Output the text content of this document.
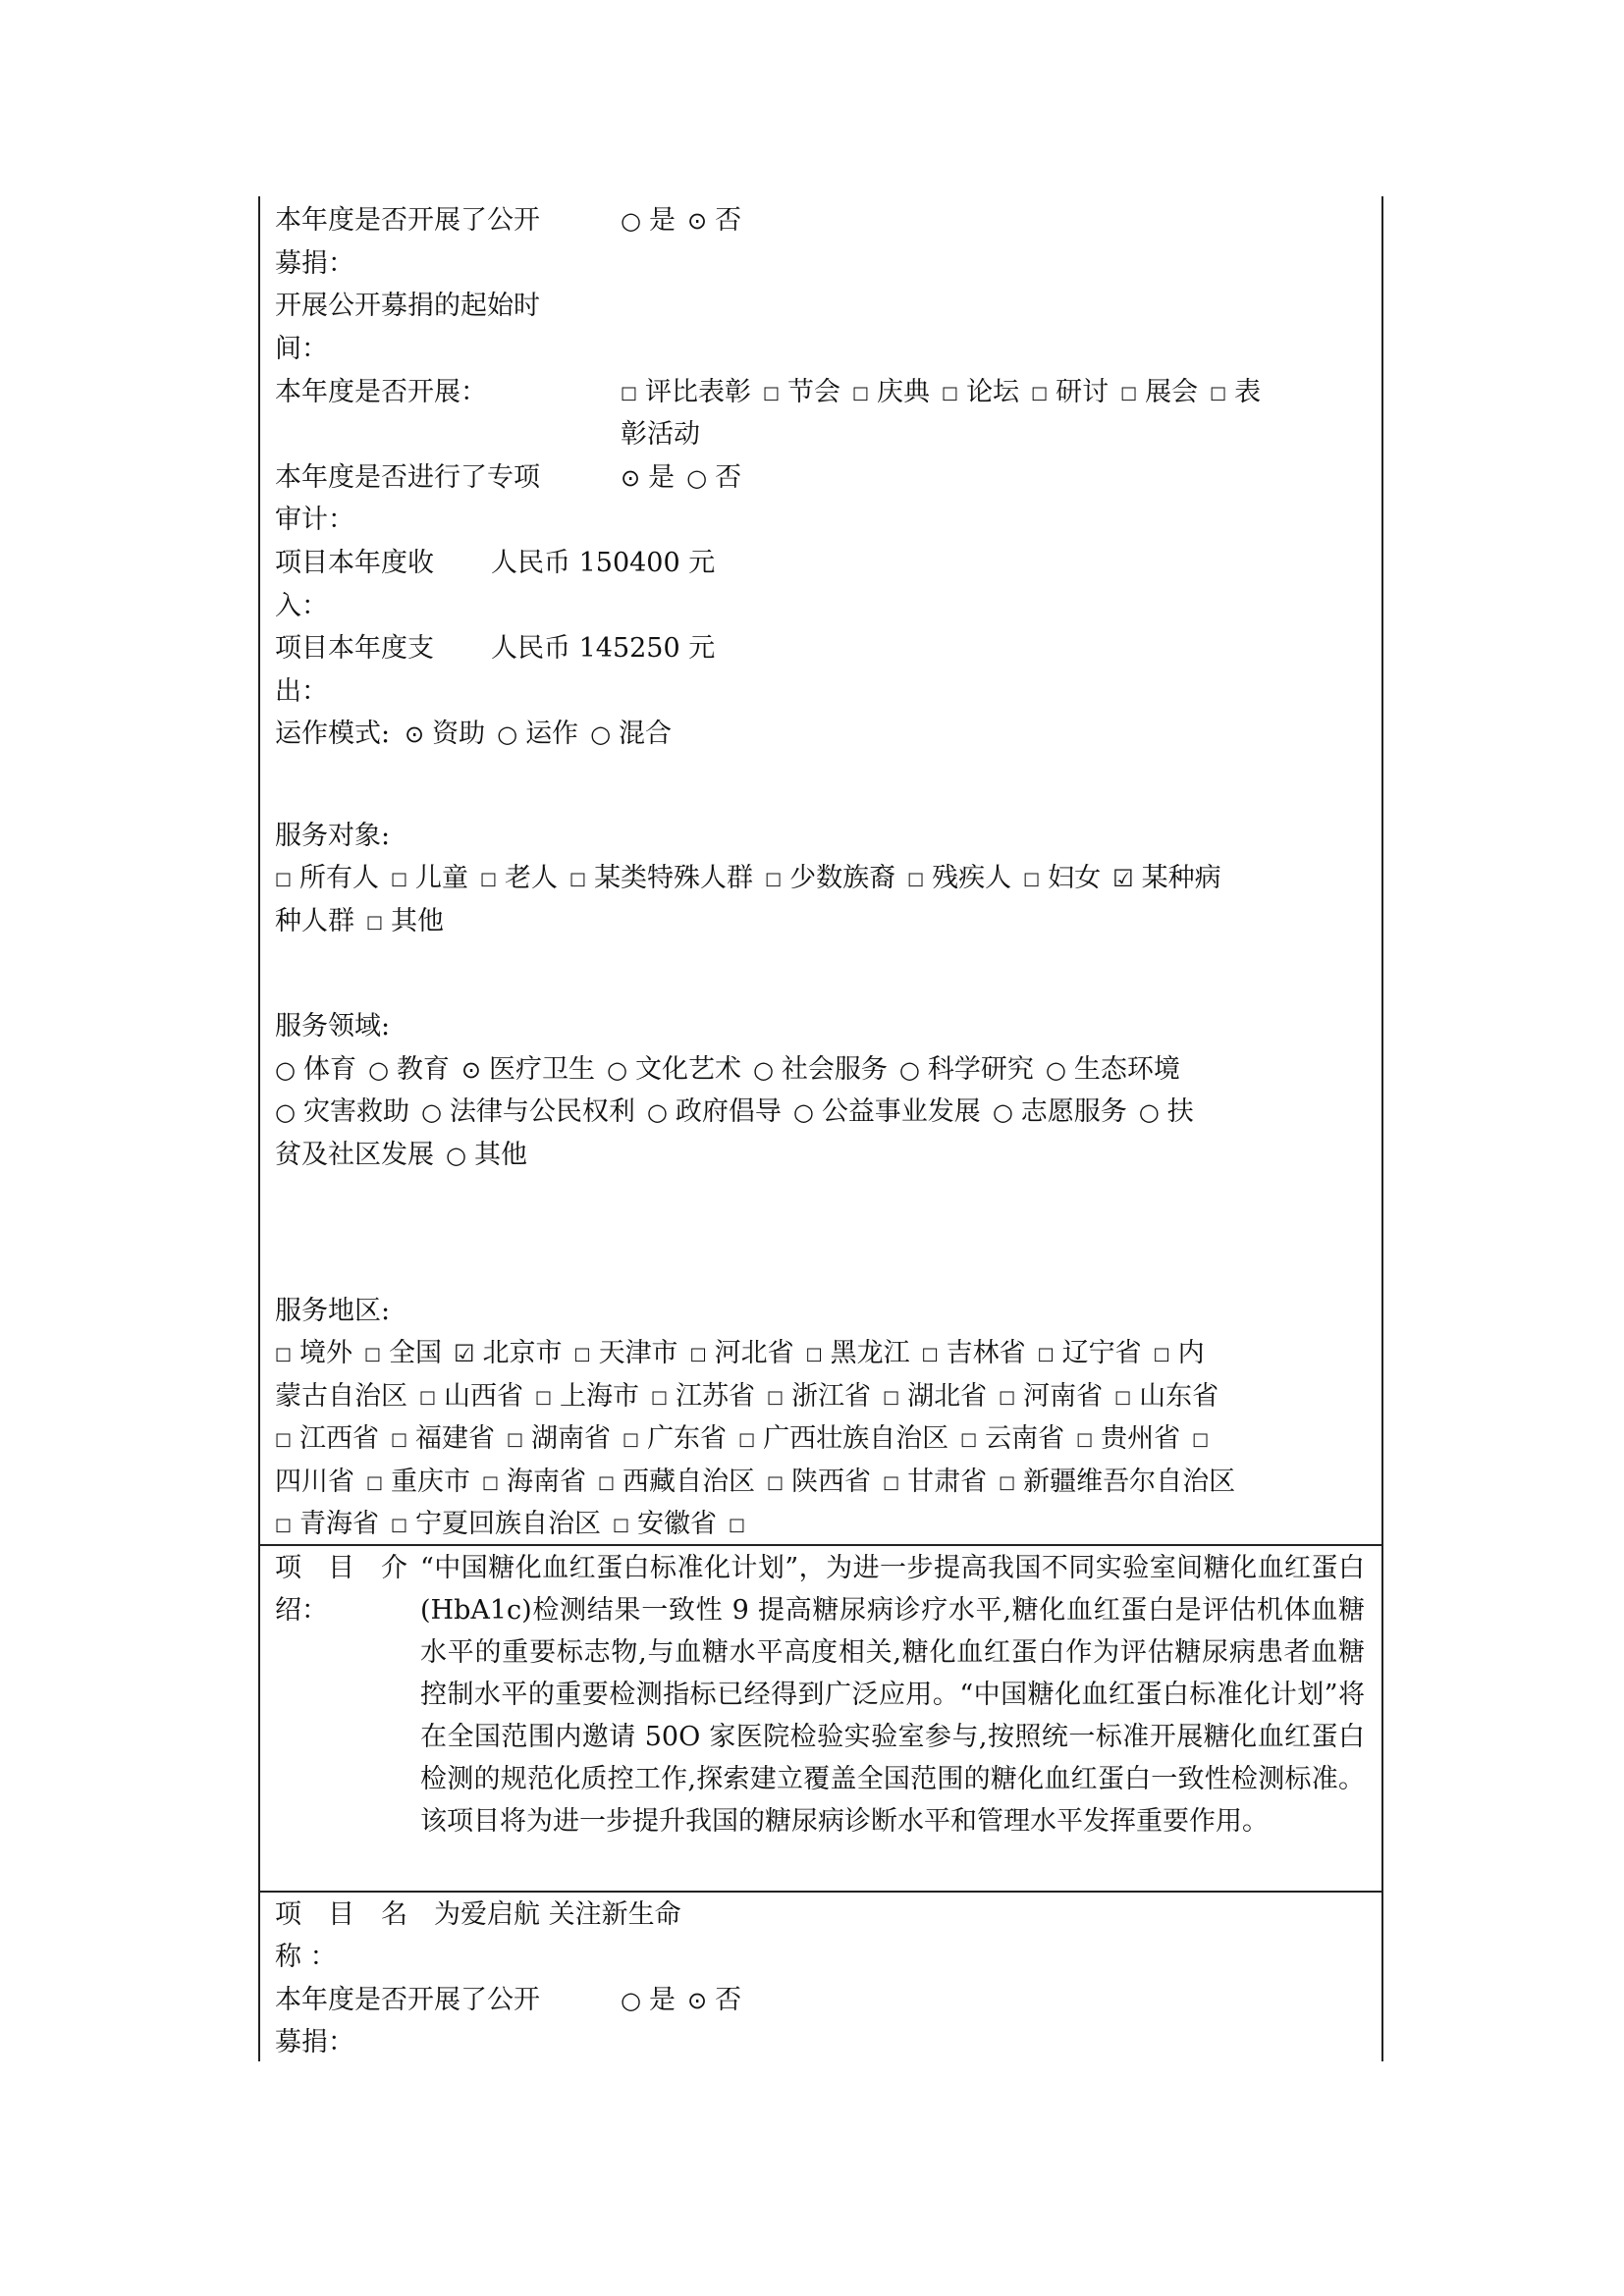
本年度是否开展了公开
募捐：
○ 是 ⊙ 否
开展公开募捐的起始时
间：
本年度是否开展：	□ 评比表彰 □ 节会 □ 庆典 □ 论坛 □ 研讨 □ 展会 □ 表
彰活动
本年度是否进行了专项
审计：
⊙ 是 ○ 否
项目本年度收 人民币 150400 元
入：
项目本年度支 人民币 145250 元
出：
运作模式: ⊙ 资助 ○ 运作 ○ 混合
服务对象:
□ 所有人 □ 儿童 □ 老人 □ 某类特殊人群 □ 少数族裔 □ 残疾人 □ 妇女 ☑ 某种病
种人群 □ 其他
服务领域:
○ 体育 ○ 教育 ⊙ 医疗卫生 ○ 文化艺术 ○ 社会服务 ○ 科学研究 ○ 生态环境
○ 灾害救助 ○ 法律与公民权利 ○ 政府倡导 ○ 公益事业发展 ○ 志愿服务 ○ 扶
贫及社区发展 ○ 其他
服务地区:
□ 境外 □ 全国 ☑ 北京市 □ 天津市 □ 河北省 □ 黑龙江 □ 吉林省 □ 辽宁省 □ 内
蒙古自治区 □ 山西省 □ 上海市 □ 江苏省 □ 浙江省 □ 湖北省 □ 河南省 □ 山东省
□ 江西省 □ 福建省 □ 湖南省 □ 广东省 □ 广西壮族自治区 □ 云南省 □ 贵州省 □
四川省 □ 重庆市 □ 海南省 □ 西藏自治区 □ 陕西省 □ 甘肃省 □ 新疆维吾尔自治区
□ 青海省 □ 宁夏回族自治区 □ 安徽省 □
项　目　介
绍：
“中国糖化血红蛋白标准化计划”，为进一步提高我国不同实验室间糖化血红蛋白(HbA1c)检测结果一致性 9 提高糖尿病诊疗水平,糖化血红蛋白是评估机体血糖水平的重要标志物,与血糖水平高度相关,糖化血红蛋白作为评估糖尿病患者血糖控制水平的重要检测指标已经得到广泛应用。“中国糖化血红蛋白标准化计划”将在全国范围内邀请 50O 家医院检验实验室参与,按照统一标准开展糖化血红蛋白检测的规范化质控工作,探索建立覆盖全国范围的糖化血红蛋白一致性检测标准。该项目将为进一步提升我国的糖尿病诊断水平和管理水平发挥重要作用。
项　目　名 为爱启航 关注新生命
称 ：
本年度是否开展了公开
募捐：
○ 是 ⊙ 否
